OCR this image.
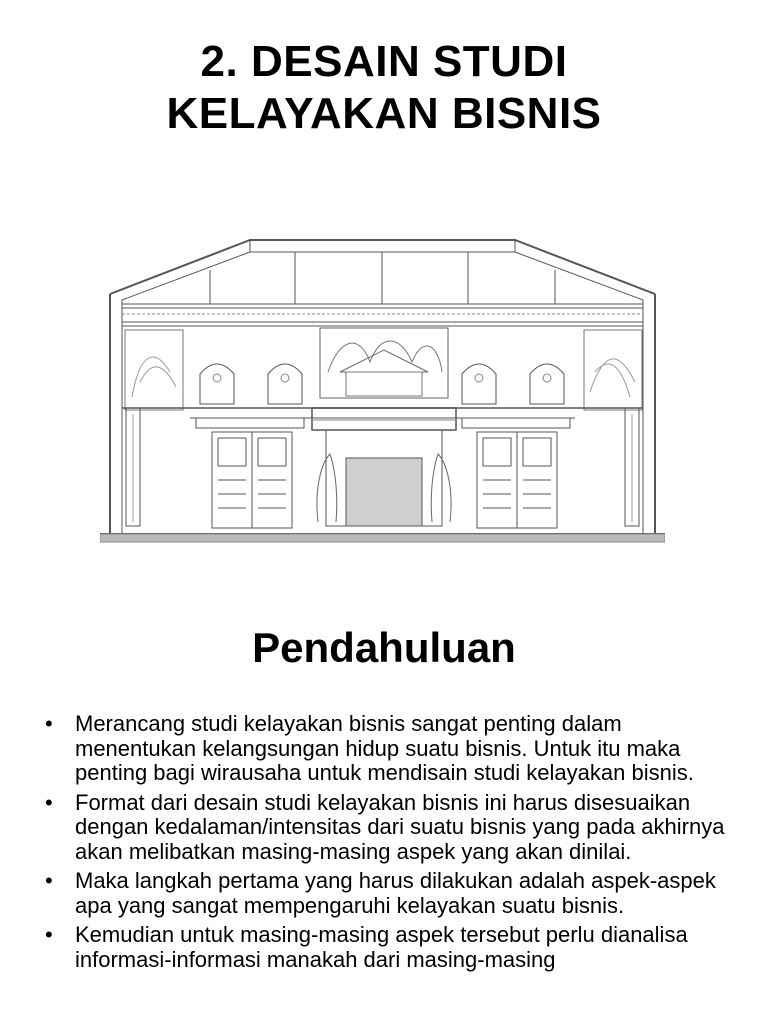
2. DESAIN STUDI
KELAYAKAN BISNIS
Pendahuluan
• Merancang studi kelayakan bisnis sangat penting dalam menentukan kelangsungan hidup suatu bisnis. Untuk itu maka penting bagi wirausaha untuk mendisain studi kelayakan bisnis.
• Format dari desain studi kelayakan bisnis ini harus disesuaikan dengan kedalaman/intensitas dari suatu bisnis yang pada akhirnya akan melibatkan masing-masing aspek yang akan dinilai.
• Maka langkah pertama yang harus dilakukan adalah aspek-aspek apa yang sangat mempengaruhi kelayakan suatu bisnis.
• Kemudian untuk masing-masing aspek tersebut perlu dianalisa informasi-informasi manakah dari masing-masing
